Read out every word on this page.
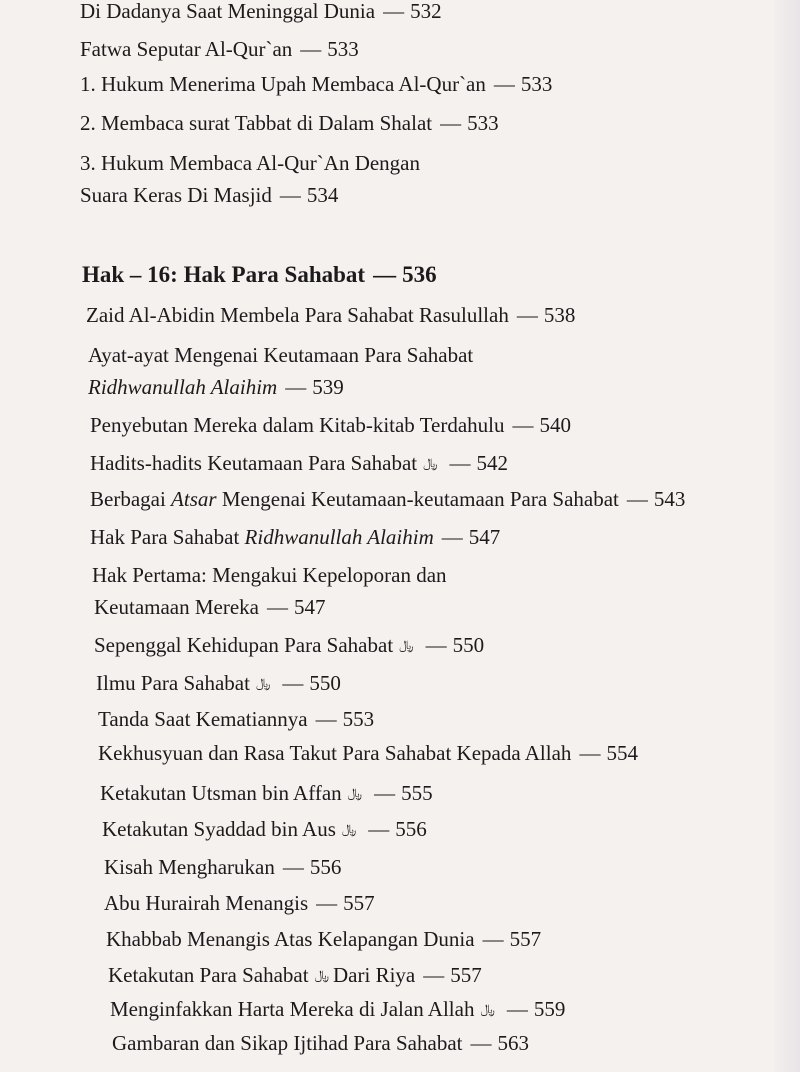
Di Dadanya Saat Meninggal Dunia — 532
Fatwa Seputar Al-Qur`an — 533
1. Hukum Menerima Upah Membaca Al-Qur`an — 533
2. Membaca surat Tabbat di Dalam Shalat — 533
3. Hukum Membaca Al-Qur`An Dengan
Suara Keras Di Masjid — 534
Hak – 16: Hak Para Sahabat — 536
Zaid Al-Abidin Membela Para Sahabat Rasulullah — 538
Ayat-ayat Mengenai Keutamaan Para Sahabat
Ridhwanullah Alaihim — 539
Penyebutan Mereka dalam Kitab-kitab Terdahulu — 540
Hadits-hadits Keutamaan Para Sahabat ﷼ — 542
Berbagai Atsar Mengenai Keutamaan-keutamaan Para Sahabat — 543
Hak Para Sahabat Ridhwanullah Alaihim — 547
Hak Pertama: Mengakui Kepeloporan dan
Keutamaan Mereka — 547
Sepenggal Kehidupan Para Sahabat ﷼ — 550
Ilmu Para Sahabat ﷼ — 550
Tanda Saat Kematiannya — 553
Kekhusyuan dan Rasa Takut Para Sahabat Kepada Allah — 554
Ketakutan Utsman bin Affan ﷼ — 555
Ketakutan Syaddad bin Aus ﷼ — 556
Kisah Mengharukan — 556
Abu Hurairah Menangis — 557
Khabbab Menangis Atas Kelapangan Dunia — 557
Ketakutan Para Sahabat ﷼ Dari Riya — 557
Menginfakkan Harta Mereka di Jalan Allah ﷼ — 559
Gambaran dan Sikap Ijtihad Para Sahabat — 563
